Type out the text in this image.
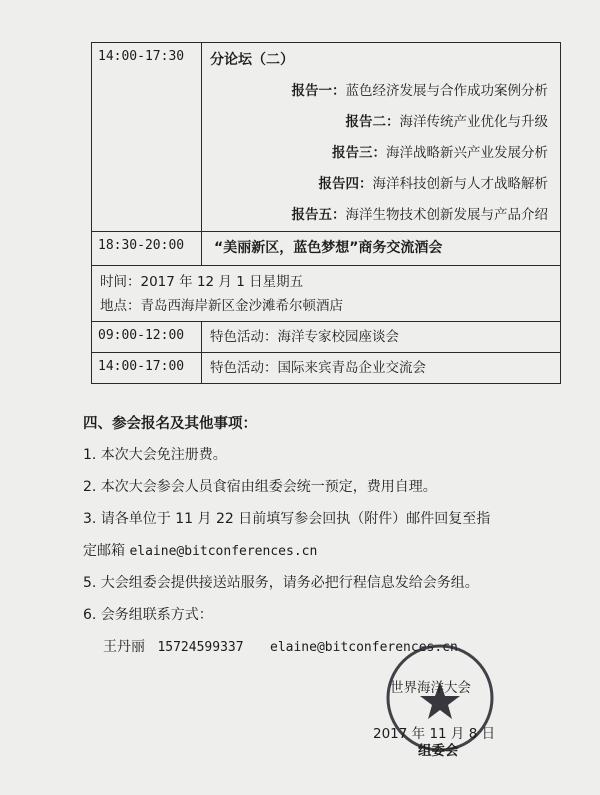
14:00-17:30	分论坛（二）
报告一：蓝色经济发展与合作成功案例分析
报告二：海洋传统产业优化与升级
报告三：海洋战略新兴产业发展分析
报告四：海洋科技创新与人才战略解析
报告五：海洋生物技术创新发展与产品介绍
18:30-20:00	“美丽新区，蓝色梦想”商务交流酒会
时间：2017 年 12 月 1 日星期五
地点：青岛西海岸新区金沙滩希尔顿酒店
09:00-12:00	特色活动：海洋专家校园座谈会
14:00-17:00	特色活动：国际来宾青岛企业交流会
四、参会报名及其他事项：
1. 本次大会免注册费。
2. 本次大会参会人员食宿由组委会统一预定，费用自理。
3. 请各单位于 11 月 22 日前填写参会回执（附件）邮件回复至指
定邮箱 elaine@bitconferences.cn
5. 大会组委会提供接送站服务，请务必把行程信息发给会务组。
6. 会务组联系方式：
王丹丽 15724599337 elaine@bitconferences.cn
世界海洋大会
2017 年 11 月 8 日
组委会
